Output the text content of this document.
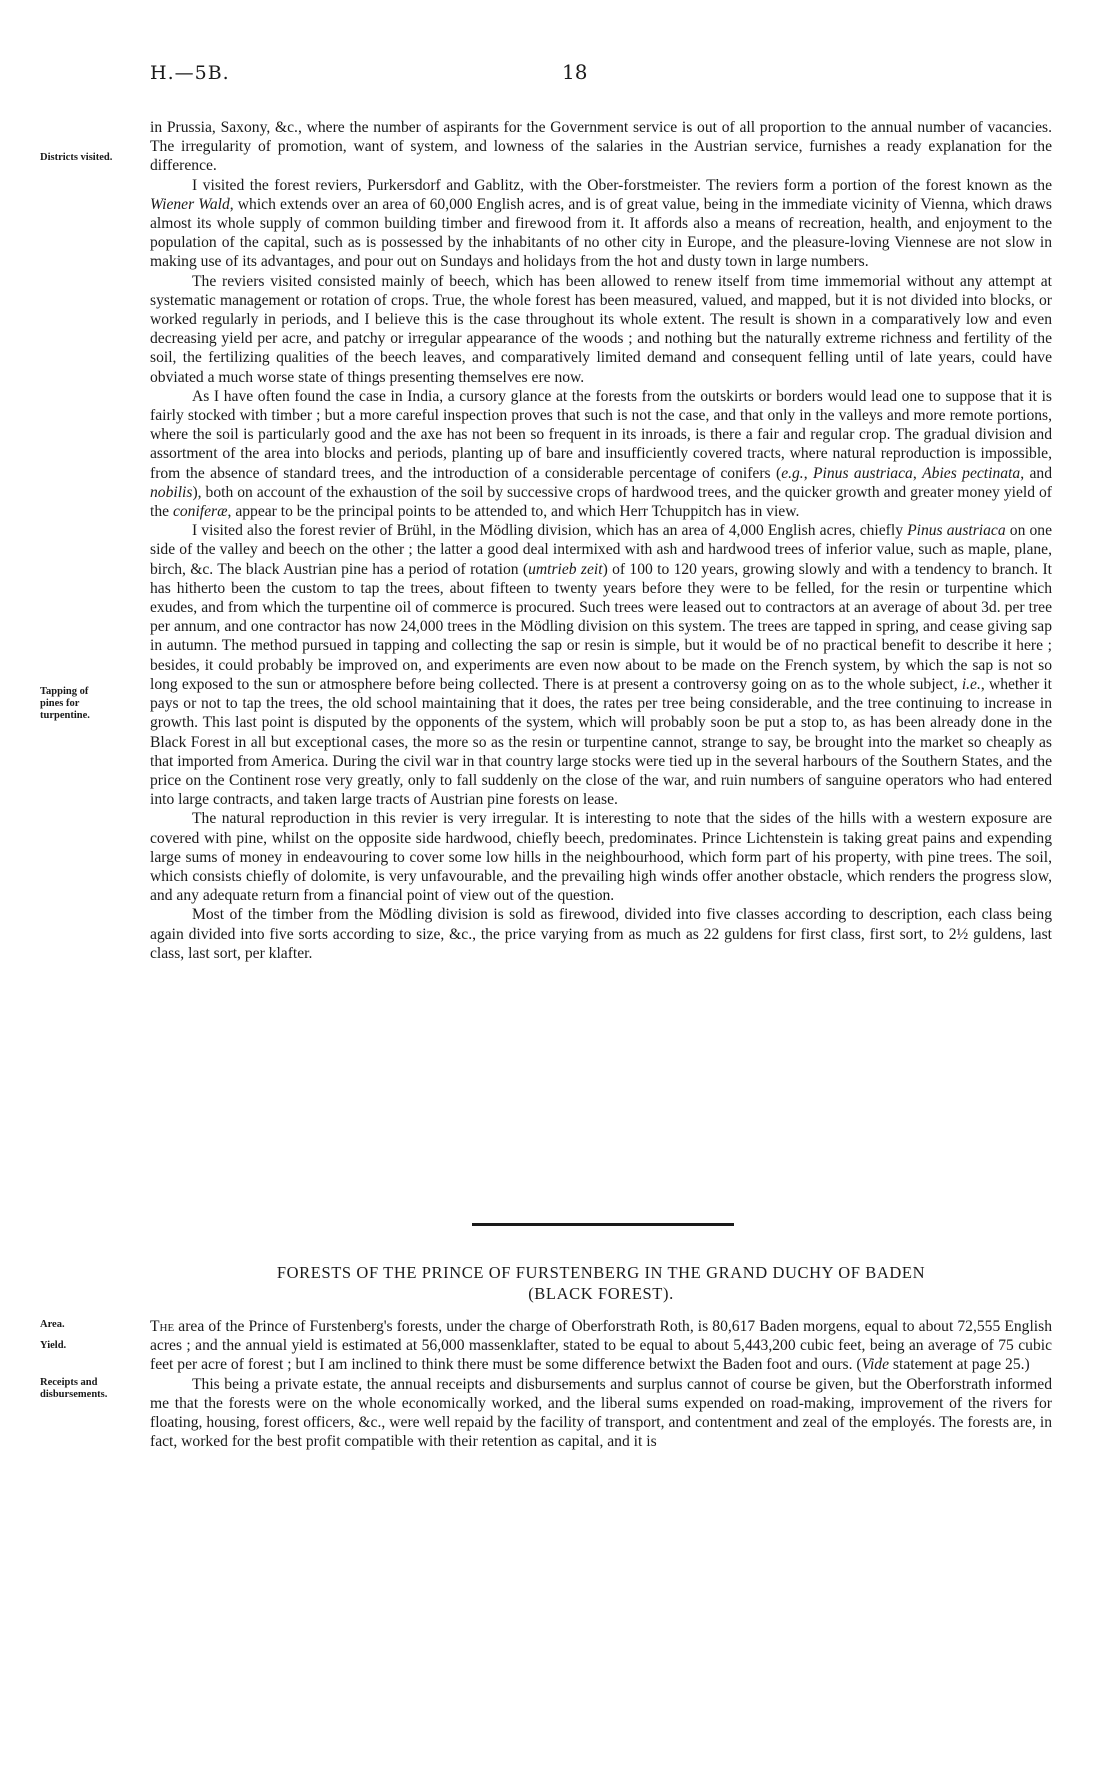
H.—5B.	18
Districts visited.
Tapping of pines for turpentine.
Area.
Yield.
Receipts and disbursements.

in Prussia, Saxony, &c., where the number of aspirants for the Government service is out of all proportion to the annual number of vacancies. The irregularity of promotion, want of system, and lowness of the salaries in the Austrian service, furnishes a ready explanation for the difference.

I visited the forest reviers, Purkersdorf and Gablitz, with the Ober-forstmeister. The reviers form a portion of the forest known as the Wiener Wald, which extends over an area of 60,000 English acres, and is of great value, being in the immediate vicinity of Vienna, which draws almost its whole supply of common building timber and firewood from it. It affords also a means of recreation, health, and enjoyment to the population of the capital, such as is possessed by the inhabitants of no other city in Europe, and the pleasure-loving Viennese are not slow in making use of its advantages, and pour out on Sundays and holidays from the hot and dusty town in large numbers.

The reviers visited consisted mainly of beech, which has been allowed to renew itself from time immemorial without any attempt at systematic management or rotation of crops. True, the whole forest has been measured, valued, and mapped, but it is not divided into blocks, or worked regularly in periods, and I believe this is the case throughout its whole extent. The result is shown in a comparatively low and even decreasing yield per acre, and patchy or irregular appearance of the woods ; and nothing but the naturally extreme richness and fertility of the soil, the fertilizing qualities of the beech leaves, and comparatively limited demand and consequent felling until of late years, could have obviated a much worse state of things presenting themselves ere now.

As I have often found the case in India, a cursory glance at the forests from the outskirts or borders would lead one to suppose that it is fairly stocked with timber ; but a more careful inspection proves that such is not the case, and that only in the valleys and more remote portions, where the soil is particularly good and the axe has not been so frequent in its inroads, is there a fair and regular crop. The gradual division and assortment of the area into blocks and periods, planting up of bare and insufficiently covered tracts, where natural reproduction is impossible, from the absence of standard trees, and the introduction of a considerable percentage of conifers (e.g., Pinus austriaca, Abies pectinata, and nobilis), both on account of the exhaustion of the soil by successive crops of hardwood trees, and the quicker growth and greater money yield of the coniferæ, appear to be the principal points to be attended to, and which Herr Tchuppitch has in view.

I visited also the forest revier of Brühl, in the Mödling division, which has an area of 4,000 English acres, chiefly Pinus austriaca on one side of the valley and beech on the other ; the latter a good deal intermixed with ash and hardwood trees of inferior value, such as maple, plane, birch, &c. The black Austrian pine has a period of rotation (umtrieb zeit) of 100 to 120 years, growing slowly and with a tendency to branch. It has hitherto been the custom to tap the trees, about fifteen to twenty years before they were to be felled, for the resin or turpentine which exudes, and from which the turpentine oil of commerce is procured. Such trees were leased out to contractors at an average of about 3d. per tree per annum, and one contractor has now 24,000 trees in the Mödling division on this system. The trees are tapped in spring, and cease giving sap in autumn. The method pursued in tapping and collecting the sap or resin is simple, but it would be of no practical benefit to describe it here ; besides, it could probably be improved on, and experiments are even now about to be made on the French system, by which the sap is not so long exposed to the sun or atmosphere before being collected. There is at present a controversy going on as to the whole subject, i.e., whether it pays or not to tap the trees, the old school maintaining that it does, the rates per tree being considerable, and the tree continuing to increase in growth. This last point is disputed by the opponents of the system, which will probably soon be put a stop to, as has been already done in the Black Forest in all but exceptional cases, the more so as the resin or turpentine cannot, strange to say, be brought into the market so cheaply as that imported from America. During the civil war in that country large stocks were tied up in the several harbours of the Southern States, and the price on the Continent rose very greatly, only to fall suddenly on the close of the war, and ruin numbers of sanguine operators who had entered into large contracts, and taken large tracts of Austrian pine forests on lease.

The natural reproduction in this revier is very irregular. It is interesting to note that the sides of the hills with a western exposure are covered with pine, whilst on the opposite side hardwood, chiefly beech, predominates. Prince Lichtenstein is taking great pains and expending large sums of money in endeavouring to cover some low hills in the neighbourhood, which form part of his property, with pine trees. The soil, which consists chiefly of dolomite, is very unfavourable, and the prevailing high winds offer another obstacle, which renders the progress slow, and any adequate return from a financial point of view out of the question.

Most of the timber from the Mödling division is sold as firewood, divided into five classes according to description, each class being again divided into five sorts according to size, &c., the price varying from as much as 22 guldens for first class, first sort, to 2½ guldens, last class, last sort, per klafter.

FORESTS OF THE PRINCE OF FURSTENBERG IN THE GRAND DUCHY OF BADEN
(BLACK FOREST).

The area of the Prince of Furstenberg's forests, under the charge of Oberforstrath Roth, is 80,617 Baden morgens, equal to about 72,555 English acres ; and the annual yield is estimated at 56,000 massenklafter, stated to be equal to about 5,443,200 cubic feet, being an average of 75 cubic feet per acre of forest ; but I am inclined to think there must be some difference betwixt the Baden foot and ours. (Vide statement at page 25.)

This being a private estate, the annual receipts and disbursements and surplus cannot of course be given, but the Oberforstrath informed me that the forests were on the whole economically worked, and the liberal sums expended on road-making, improvement of the rivers for floating, housing, forest officers, &c., were well repaid by the facility of transport, and contentment and zeal of the employés. The forests are, in fact, worked for the best profit compatible with their retention as capital, and it is
